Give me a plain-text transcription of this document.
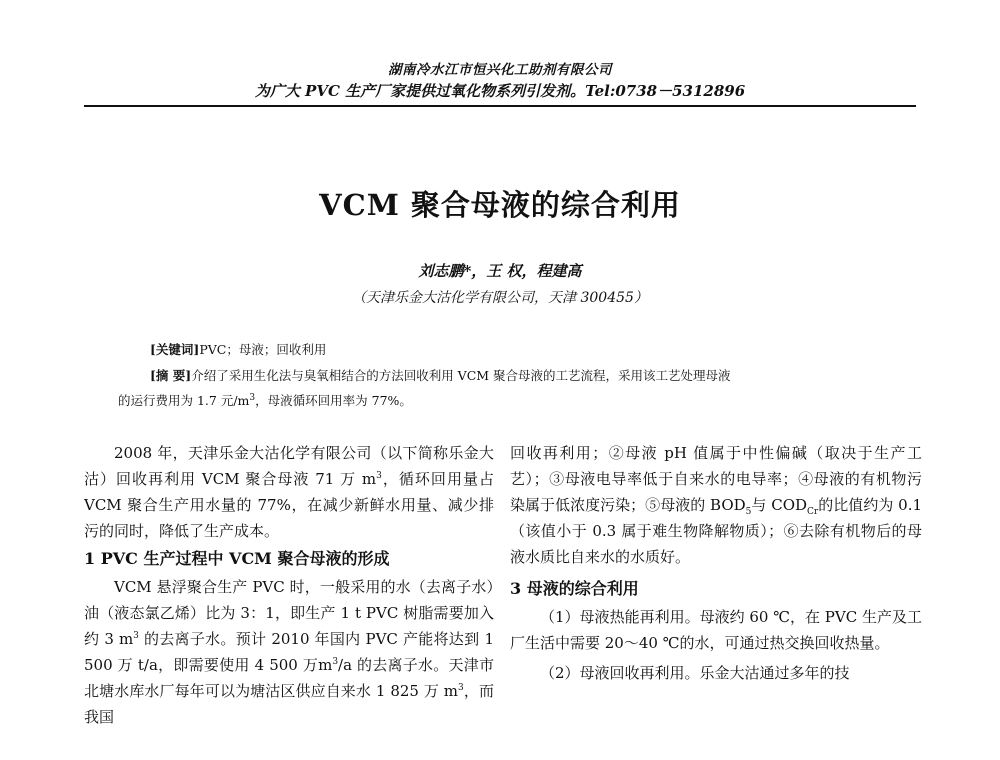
湖南冷水江市恒兴化工助剂有限公司
为广大 PVC 生产厂家提供过氧化物系列引发剂。Tel:0738－5312896
VCM 聚合母液的综合利用
刘志鹏*，王 权，程建高
（天津乐金大沽化学有限公司，天津 300455）
[关键词]PVC；母液；回收利用
[摘 要]介绍了采用生化法与臭氧相结合的方法回收利用 VCM 聚合母液的工艺流程，采用该工艺处理母液
的运行费用为 1.7 元$/m^3$，母液循环回用率为 77%。

2008 年，天津乐金大沽化学有限公司（以下简称乐金大沽）回收再利用 VCM 聚合母液 71 万 $m^3$，循环回用量占 VCM 聚合生产用水量的 77%，在减少新鲜水用量、减少排污的同时，降低了生产成本。

1 PVC 生产过程中 VCM 聚合母液的形成

VCM 悬浮聚合生产 PVC 时，一般采用的水（去离子水）油（液态氯乙烯）比为 3：1，即生产 1 t PVC 树脂需要加入约 3 $m^3$ 的去离子水。预计 2010 年国内 PVC 产能将达到 1 500 万 t/a，即需要使用 4 500 万$m^3/a$ 的去离子水。天津市北塘水库水厂每年可以为塘沽区供应自来水 1 825 万 $m^3$，而我国

回收再利用；②母液 pH 值属于中性偏碱（取决于生产工艺）；③母液电导率低于自来水的电导率；④母液的有机物污染属于低浓度污染；⑤母液的 $BOD_5$与 $COD_{Cr}$的比值约为 0.1（该值小于 0.3 属于难生物降解物质）；⑥去除有机物后的母液水质比自来水的水质好。

3 母液的综合利用

（1）母液热能再利用。母液约 60 ℃，在 PVC 生产及工厂生活中需要 20～40 ℃的水，可通过热交换回收热量。

（2）母液回收再利用。乐金大沽通过多年的技
